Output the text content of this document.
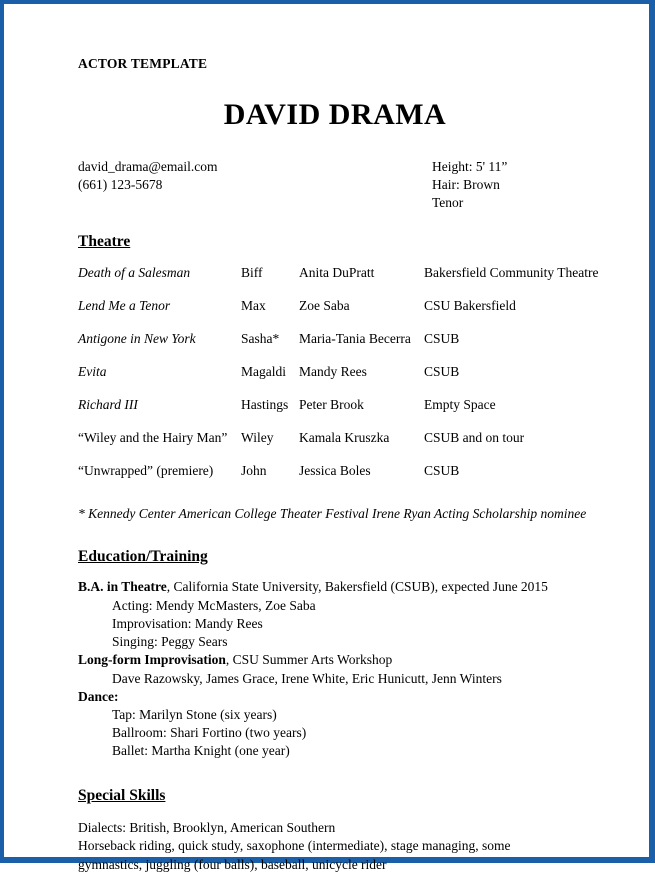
ACTOR TEMPLATE

DAVID DRAMA
david_drama@email.com
(661) 123-5678
Height: 5' 11”
Hair: Brown
Tenor
Theatre
Death of a Salesman	Biff	Anita DuPratt	Bakersfield Community Theatre
Lend Me a Tenor	Max	Zoe Saba	CSU Bakersfield
Antigone in New York	Sasha*	Maria-Tania Becerra	CSUB
Evita	Magaldi	Mandy Rees	CSUB
Richard III	Hastings	Peter Brook	Empty Space
“Wiley and the Hairy Man”	Wiley	Kamala Kruszka	CSUB and on tour
“Unwrapped” (premiere)	John	Jessica Boles	CSUB

* Kennedy Center American College Theater Festival Irene Ryan Acting Scholarship nominee

Education/Training

B.A. in Theatre, California State University, Bakersfield (CSUB), expected June 2015

Acting: Mendy McMasters, Zoe Saba

Improvisation: Mandy Rees

Singing: Peggy Sears

Long-form Improvisation, CSU Summer Arts Workshop

Dave Razowsky, James Grace, Irene White, Eric Hunicutt, Jenn Winters

Dance:

Tap: Marilyn Stone (six years)

Ballroom: Shari Fortino (two years)

Ballet: Martha Knight (one year)

Special Skills

Dialects: British, Brooklyn, American Southern

Horseback riding, quick study, saxophone (intermediate), stage managing, some

gymnastics, juggling (four balls), baseball, unicycle rider
